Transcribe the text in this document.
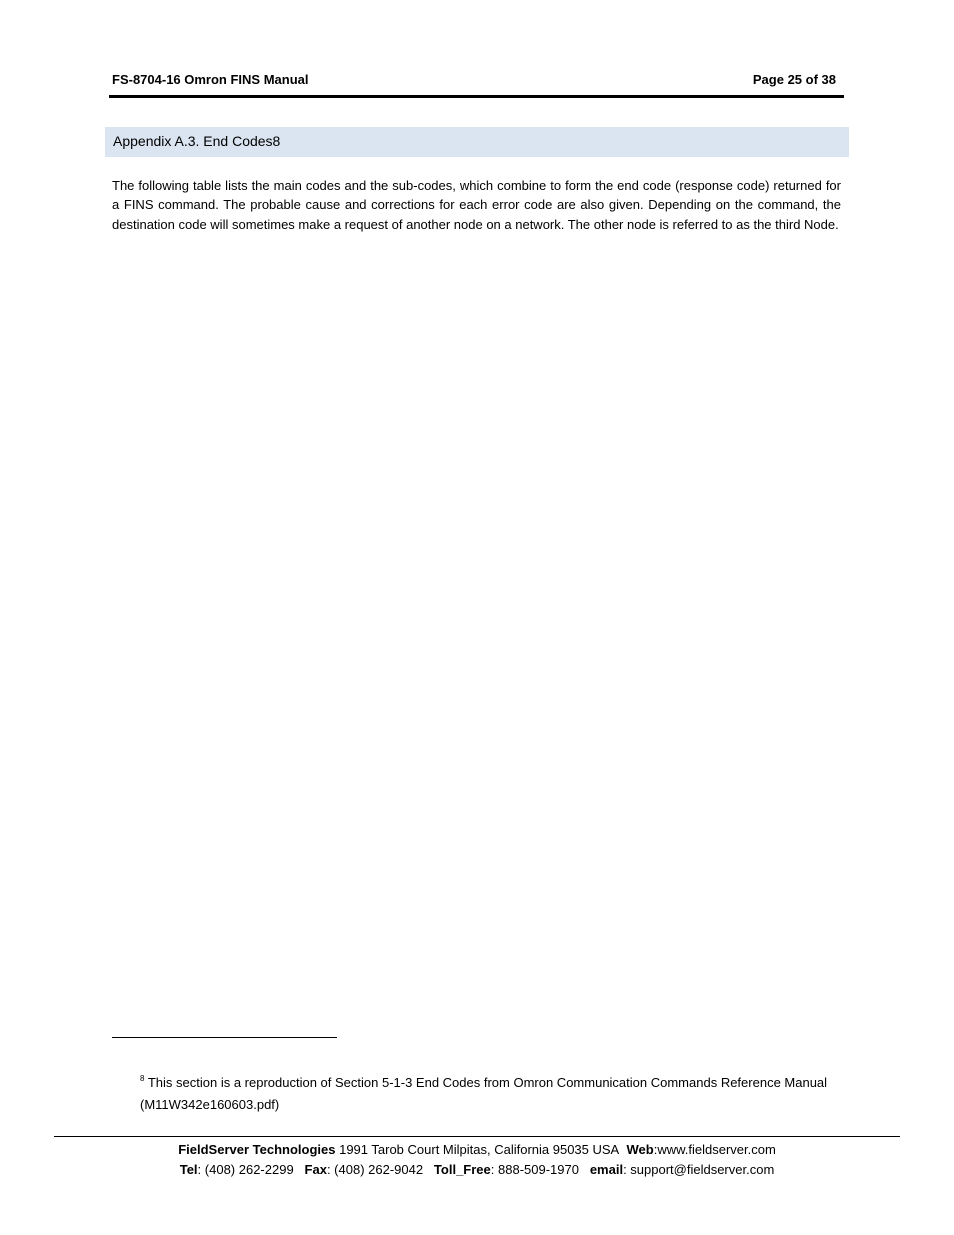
FS-8704-16 Omron FINS Manual	Page 25 of 38
Appendix A.3. End Codes8

The following table lists the main codes and the sub-codes, which combine to form the end code (response code) returned for a FINS command. The probable cause and corrections for each error code are also given. Depending on the command, the destination code will sometimes make a request of another node on a network. The other node is referred to as the third Node.

$^8$ This section is a reproduction of Section 5-1-3 End Codes from Omron Communication Commands Reference Manual (M11W342e160603.pdf)
FieldServer Technologies 1991 Tarob Court Milpitas, California 95035 USA Web:www.fieldserver.com
Tel: (408) 262-2299 Fax: (408) 262-9042 Toll_Free: 888-509-1970 email: support@fieldserver.com
